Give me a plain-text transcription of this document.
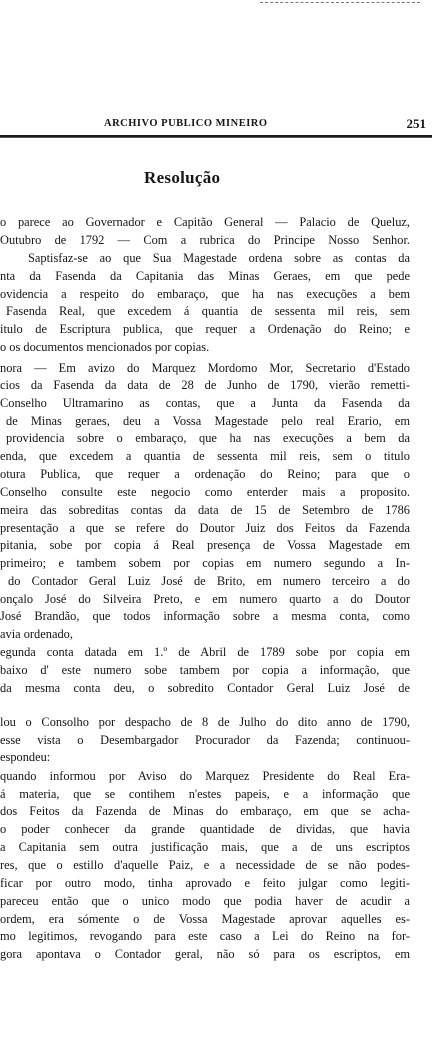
ARCHIVO PUBLICO MINEIRO	251
Resolução
o parece ao Governador e Capitão General — Palacio de Queluz,
Outubro de 1792 — Com a rubrica do Principe Nosso Senhor.
Saptisfaz-se ao que Sua Magestade ordena sobre as contas da
nta da Fasenda da Capitania das Minas Geraes, em que pede
ovidencia a respeito do embaraço, que ha nas execuções a bem
Fasenda Real, que excedem á quantia de sessenta mil reis, sem
itulo de Escriptura publica, que requer a Ordenação do Reino; e
o os documentos mencionados por copias.
nora — Em avizo do Marquez Mordomo Mor, Secretario d'Estado
cios da Fasenda da data de 28 de Junho de 1790, vierão remetti-
Conselho Ultramarino as contas, que a Junta da Fasenda da
de Minas geraes, deu a Vossa Magestade pelo real Erario, em
providencia sobre o embaraço, que ha nas execuções a bem da
enda, que excedem a quantia de sessenta mil reis, sem o titulo
otura Publica, que requer a ordenação do Reino; para que o
Conselho consulte este negocio como enterder mais a proposito.
meira das sobreditas contas da data de 15 de Setembro de 1786
presentação a que se refere do Doutor Juiz dos Feitos da Fazenda
pitania, sobe por copia á Real presença de Vossa Magestade em
primeiro; e tambem sobem por copias em numero segundo a In-
do Contador Geral Luiz José de Brito, em numero terceiro a do
onçalo José do Silveira Preto, e em numero quarto a do Doutor
José Brandão, que todos informação sobre a mesma conta, como
avia ordenado,
egunda conta datada em 1.º de Abril de 1789 sobe por copia em
baixo d' este numero sobe tambem por copia a informação, que
da mesma conta deu, o sobredito Contador Geral Luiz José de
lou o Consolho por despacho de 8 de Julho do dito anno de 1790,
esse vista o Desembargador Procurador da Fazenda; continuou-
espondeu:
quando informou por Aviso do Marquez Presidente do Real Era-
á materia, que se contihem n'estes papeis, e a informação que
dos Feitos da Fazenda de Minas do embaraço, em que se acha-
o poder conhecer da grande quantidade de dividas, que havia
a Capitania sem outra justificação mais, que a de uns escriptos
res, que o estillo d'aquelle Paiz, e a necessidade de se não podes-
ficar por outro modo, tinha aprovado e feito julgar como legiti-
pareceu então que o unico modo que podia haver de acudir a
ordem, era sómente o de Vossa Magestade aprovar aquelles es-
mo legitimos, revogando para este caso a Lei do Reino na for-
gora apontava o Contador geral, não só para os escriptos, em
